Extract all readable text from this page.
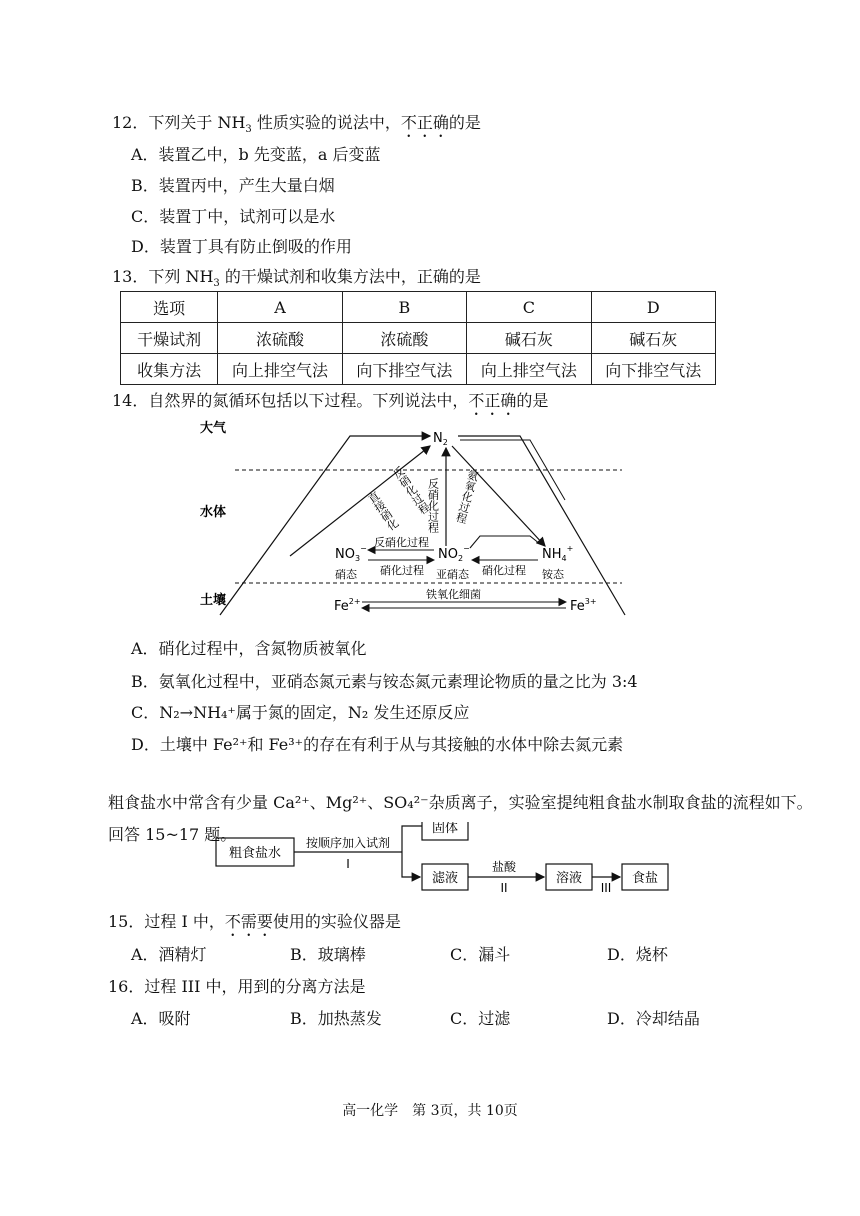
12．下列关于 $NH_3$ 性质实验的说法中，不正确的是
A．装置乙中，b 先变蓝，a 后变蓝
B．装置丙中，产生大量白烟
C．装置丁中，试剂可以是水
D．装置丁具有防止倒吸的作用
13．下列 $NH_3$ 的干燥试剂和收集方法中，正确的是
选项	A	B	C	D
干燥试剂	浓硫酸	浓硫酸	碱石灰	碱石灰
收集方法	向上排空气法	向下排空气法	向上排空气法	向下排空气法
14．自然界的氮循环包括以下过程。下列说法中，不正确的是
大气
水体
土壤
$N_2$
反硝化过程 氨氧化过程
反硝化过程
直接硝化
$NO_3^-$	$NO_2^-$	$NH_4^+$
反硝化过程
硝化过程	硝化过程
硝态	亚硝态	铵态
$Fe^{2+}$	$Fe^{3+}$
铁氧化细菌
A．硝化过程中，含氮物质被氧化
B．氨氧化过程中，亚硝态氮元素与铵态氮元素理论物质的量之比为 3:4
C．N₂→NH₄⁺属于氮的固定，N₂ 发生还原反应
D．土壤中 Fe²⁺和 Fe³⁺的存在有利于从与其接触的水体中除去氮元素
粗食盐水中常含有少量 Ca²⁺、Mg²⁺、SO₄²⁻杂质离子，实验室提纯粗食盐水制取食盐的流程如下。
回答 15~17 题。
粗食盐水
按顺序加入试剂
I
固体
滤液
盐酸
II
溶液
III
食盐
15．过程 I 中，不需要使用的实验仪器是
A．酒精灯	B．玻璃棒	C．漏斗	D．烧杯
16．过程 III 中，用到的分离方法是
A．吸附	B．加热蒸发	C．过滤	D．冷却结晶
高一化学　第 3页，共 10页
